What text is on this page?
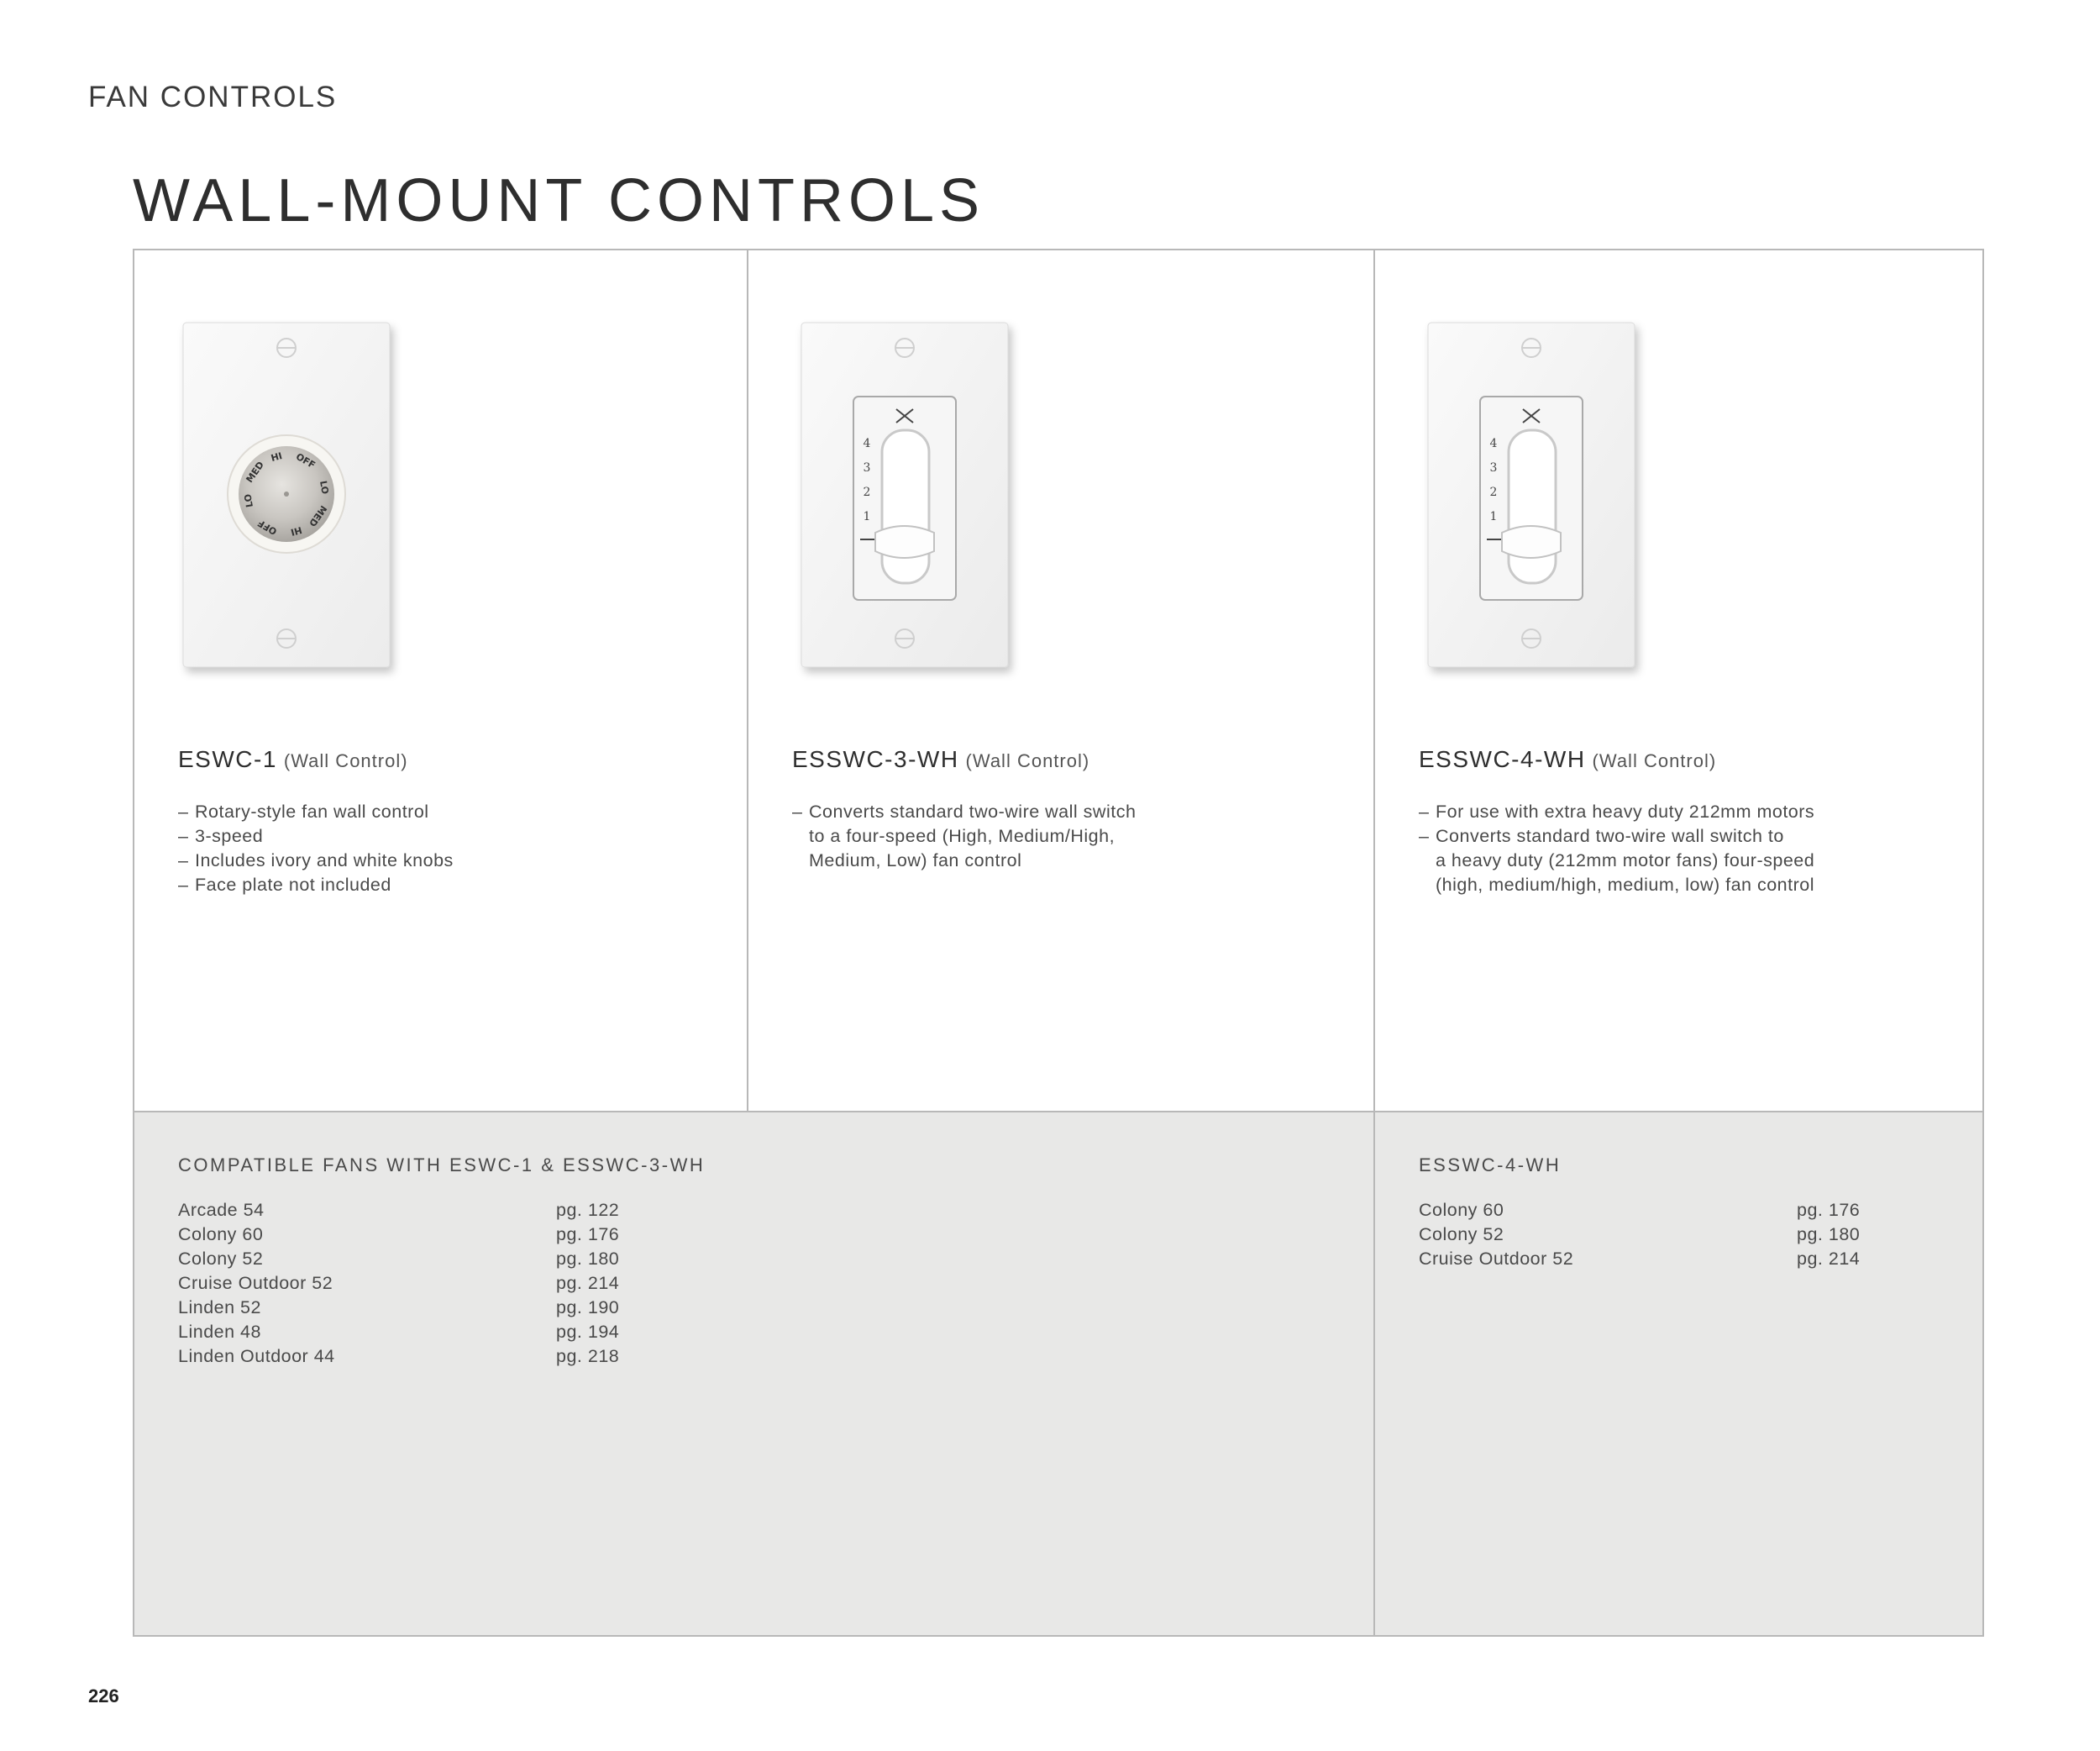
FAN CONTROLS
WALL-MOUNT CONTROLS
HI OFF
LO
MED
HI
OFF
LO
MED
ESWC-1 (Wall Control)
– Rotary-style fan wall control
– 3-speed
– Includes ivory and white knobs
– Face plate not included
4
3
2
1
ESSWC-3-WH (Wall Control)
– Converts standard two-wire wall switch
to a four-speed (High, Medium/High,
Medium, Low) fan control
4
3
2
1
ESSWC-4-WH (Wall Control)
– For use with extra heavy duty 212mm motors
– Converts standard two-wire wall switch to
a heavy duty (212mm motor fans) four-speed
(high, medium/high, medium, low) fan control
COMPATIBLE FANS WITH ESWC-1 & ESSWC-3-WH
Arcade 54	pg. 122
Colony 60	pg. 176
Colony 52	pg. 180
Cruise Outdoor 52	pg. 214
Linden 52	pg. 190
Linden 48	pg. 194
Linden Outdoor 44	pg. 218
ESSWC-4-WH
Colony 60	pg. 176
Colony 52	pg. 180
Cruise Outdoor 52	pg. 214
226
